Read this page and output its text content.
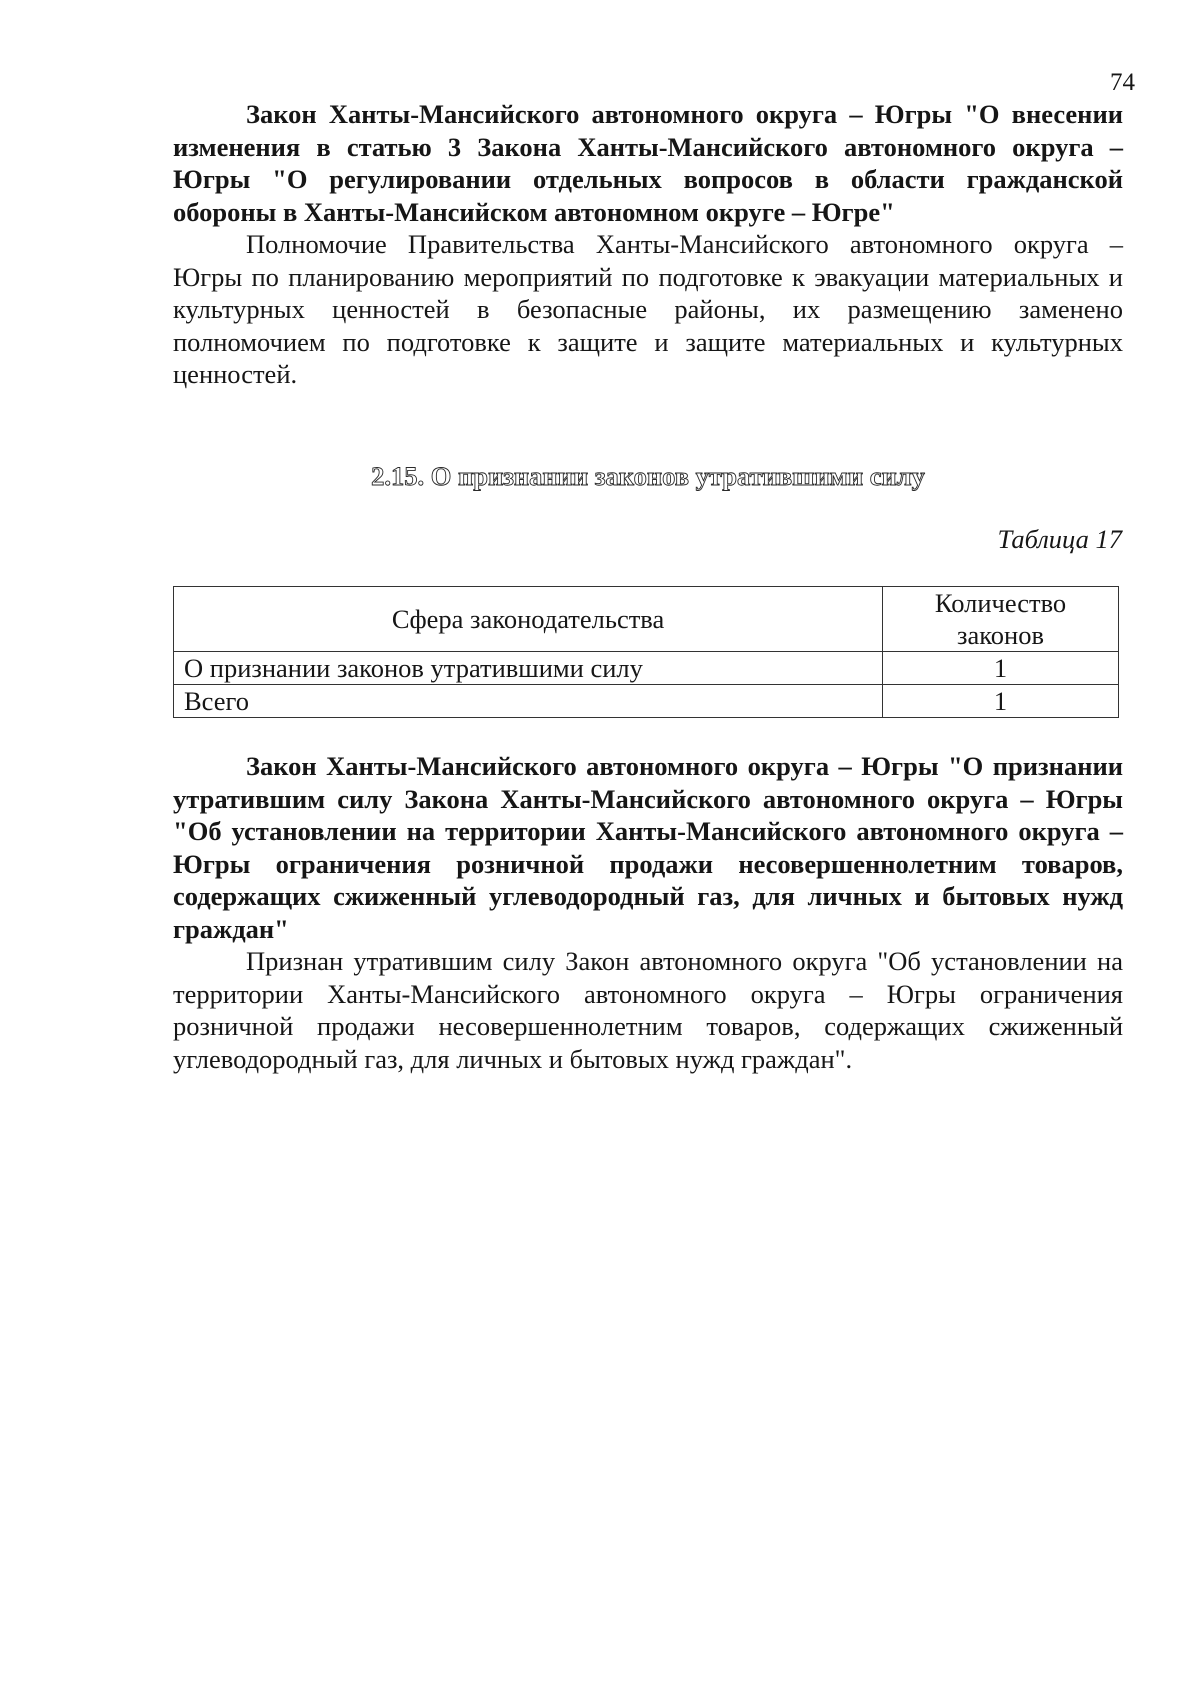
74
Закон Ханты-Мансийского автономного округа – Югры "О внесении изменения в статью 3 Закона Ханты-Мансийского автономного округа – Югры "О регулировании отдельных вопросов в области гражданской обороны в Ханты-Мансийском автономном округе – Югре"
Полномочие Правительства Ханты-Мансийского автономного округа – Югры по планированию мероприятий по подготовке к эвакуации материальных и культурных ценностей в безопасные районы, их размещению заменено полномочием по подготовке к защите и защите материальных и культурных ценностей.
2.15. О признании законов утратившими силу
Таблица 17
Сфера законодательства	Количество законов
О признании законов утратившими силу	1
Всего	1
Закон Ханты-Мансийского автономного округа – Югры "О признании утратившим силу Закона Ханты-Мансийского автономного округа – Югры "Об установлении на территории Ханты-Мансийского автономного округа – Югры ограничения розничной продажи несовершеннолетним товаров, содержащих сжиженный углеводородный газ, для личных и бытовых нужд граждан"
Признан утратившим силу Закон автономного округа "Об установлении на территории Ханты-Мансийского автономного округа – Югры ограничения розничной продажи несовершеннолетним товаров, содержащих сжиженный углеводородный газ, для личных и бытовых нужд граждан".
